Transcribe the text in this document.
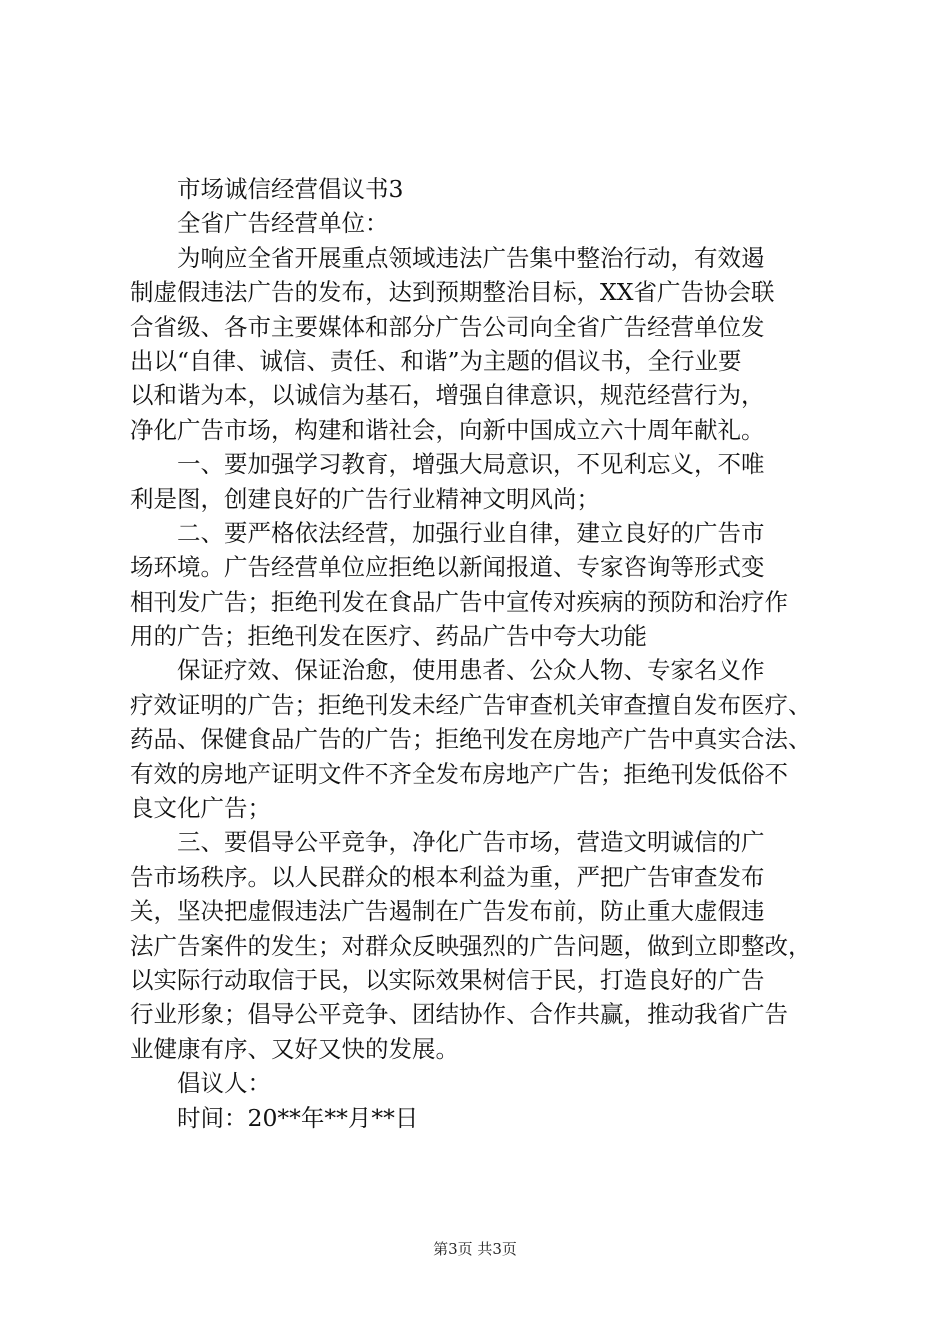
市场诚信经营倡议书3
全省广告经营单位：
为响应全省开展重点领域违法广告集中整治行动，有效遏
制虚假违法广告的发布，达到预期整治目标，XX省广告协会联
合省级、各市主要媒体和部分广告公司向全省广告经营单位发
出以“自律、诚信、责任、和谐”为主题的倡议书，全行业要
以和谐为本，以诚信为基石，增强自律意识，规范经营行为，
净化广告市场，构建和谐社会，向新中国成立六十周年献礼。
一、要加强学习教育，增强大局意识，不见利忘义，不唯
利是图，创建良好的广告行业精神文明风尚；
二、要严格依法经营，加强行业自律，建立良好的广告市
场环境。广告经营单位应拒绝以新闻报道、专家咨询等形式变
相刊发广告；拒绝刊发在食品广告中宣传对疾病的预防和治疗作
用的广告；拒绝刊发在医疗、药品广告中夸大功能
保证疗效、保证治愈，使用患者、公众人物、专家名义作
疗效证明的广告；拒绝刊发未经广告审查机关审查擅自发布医疗、
药品、保健食品广告的广告；拒绝刊发在房地产广告中真实合法、
有效的房地产证明文件不齐全发布房地产广告；拒绝刊发低俗不
良文化广告；
三、要倡导公平竞争，净化广告市场，营造文明诚信的广
告市场秩序。以人民群众的根本利益为重，严把广告审查发布
关，坚决把虚假违法广告遏制在广告发布前，防止重大虚假违
法广告案件的发生；对群众反映强烈的广告问题，做到立即整改，
以实际行动取信于民，以实际效果树信于民，打造良好的广告
行业形象；倡导公平竞争、团结协作、合作共赢，推动我省广告
业健康有序、又好又快的发展。
倡议人：
时间：20**年**月**日
第3页 共3页
